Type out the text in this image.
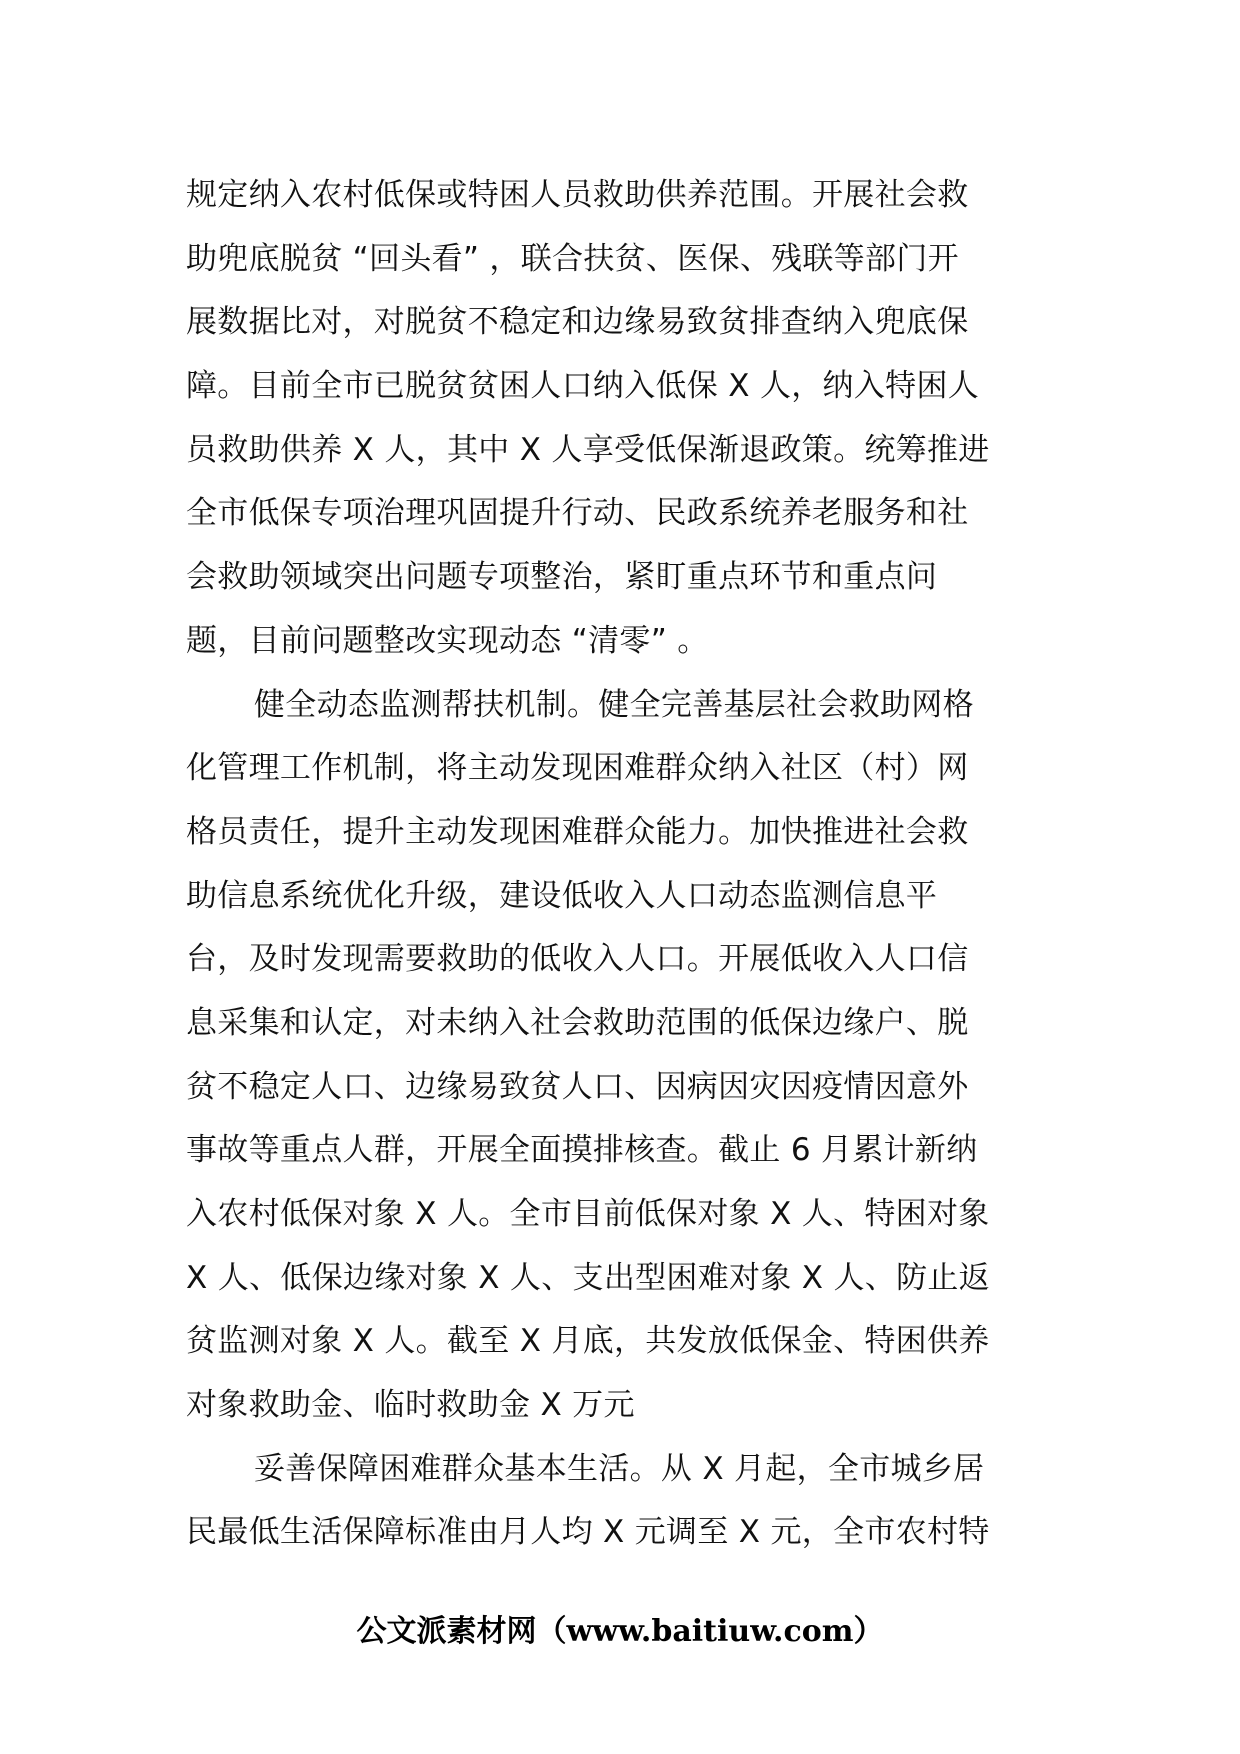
规定纳入农村低保或特困人员救助供养范围。开展社会救
助兜底脱贫 “回头看” ，联合扶贫、医保、残联等部门开
展数据比对，对脱贫不稳定和边缘易致贫排查纳入兜底保
障。目前全市已脱贫贫困人口纳入低保 X 人，纳入特困人
员救助供养 X 人，其中 X 人享受低保渐退政策。统筹推进
全市低保专项治理巩固提升行动、民政系统养老服务和社
会救助领域突出问题专项整治，紧盯重点环节和重点问
题，目前问题整改实现动态 “清零” 。
健全动态监测帮扶机制。健全完善基层社会救助网格
化管理工作机制，将主动发现困难群众纳入社区（村）网
格员责任，提升主动发现困难群众能力。加快推进社会救
助信息系统优化升级，建设低收入人口动态监测信息平
台，及时发现需要救助的低收入人口。开展低收入人口信
息采集和认定，对未纳入社会救助范围的低保边缘户、脱
贫不稳定人口、边缘易致贫人口、因病因灾因疫情因意外
事故等重点人群，开展全面摸排核查。截止 6 月累计新纳
入农村低保对象 X 人。全市目前低保对象 X 人、特困对象
X 人、低保边缘对象 X 人、支出型困难对象 X 人、防止返
贫监测对象 X 人。截至 X 月底，共发放低保金、特困供养
对象救助金、临时救助金 X 万元
妥善保障困难群众基本生活。从 X 月起，全市城乡居
民最低生活保障标准由月人均 X 元调至 X 元，全市农村特
公文派素材网（www.baitiuw.com）
